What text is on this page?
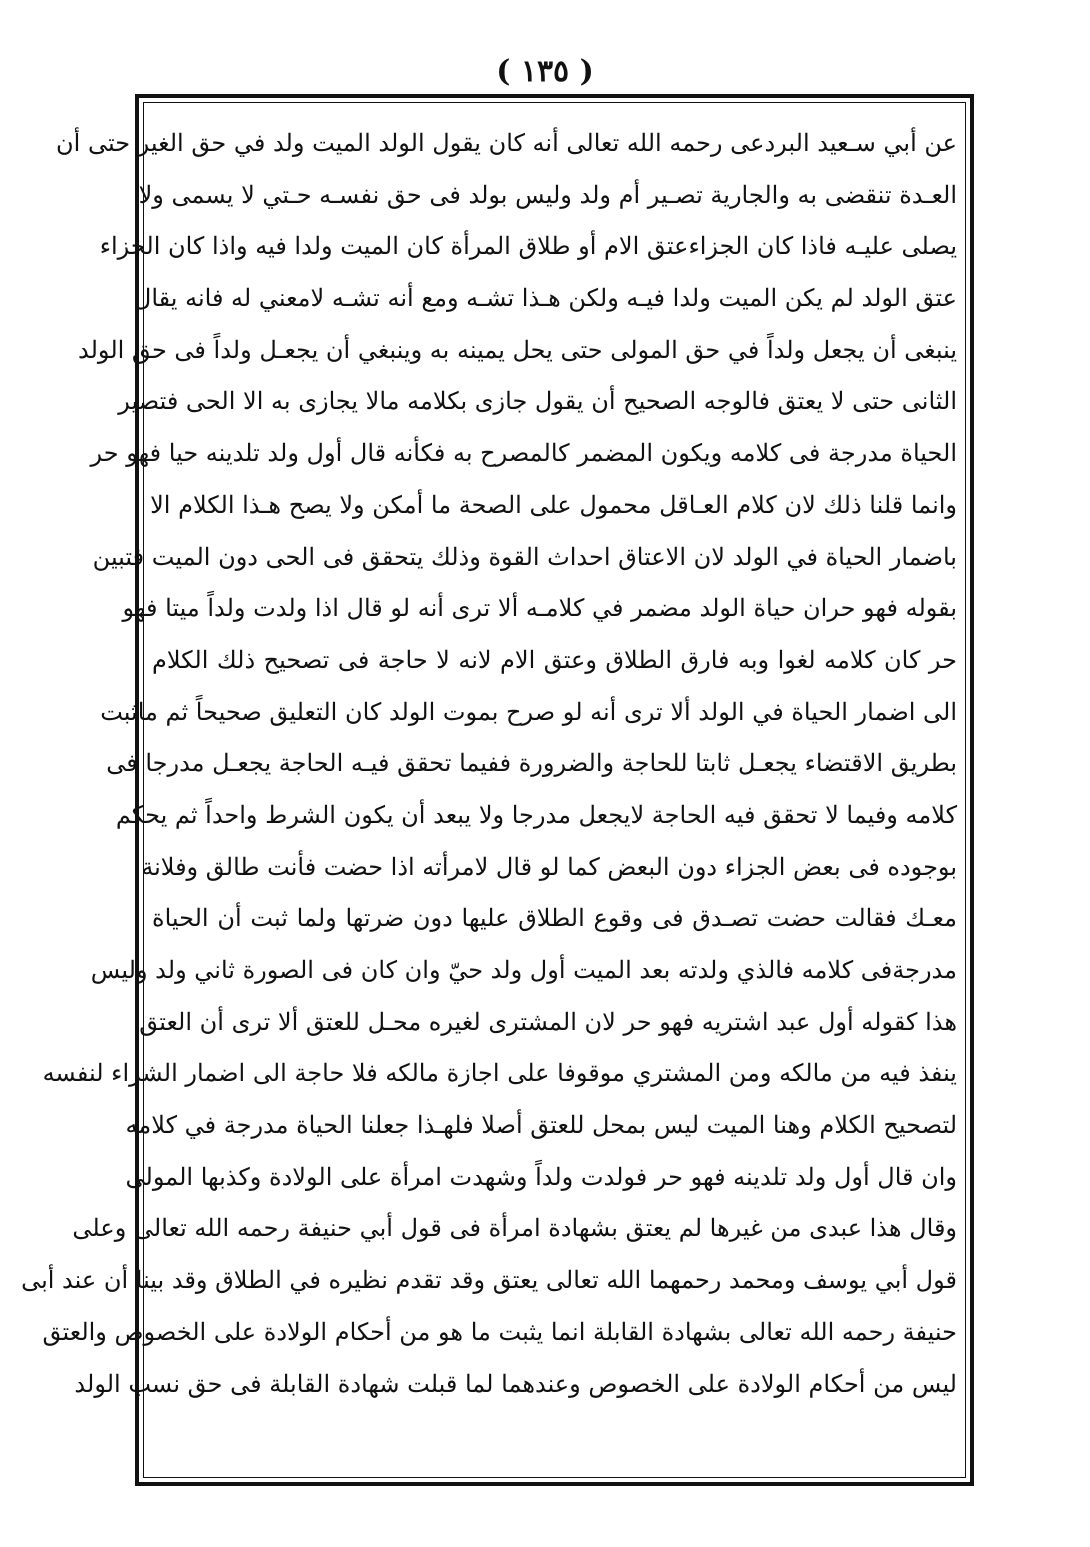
( ١٣٥ )
عن أبي سـعيد البردعى رحمه الله تعالى أنه كان يقول الولد الميت ولد في حق الغير حتى أن
العـدة تنقضى به والجارية تصـير أم ولد وليس بولد فى حق نفسـه حـتي لا يسمى ولا
يصلى عليـه فاذا كان الجزاءعتق الام أو طلاق المرأة كان الميت ولدا فيه واذا كان الجزاء
عتق الولد لم يكن الميت ولدا فيـه ولكن هـذا تشـه ومع أنه تشـه لامعني له فانه يقال
ينبغى أن يجعل ولداً في حق المولى حتى يحل يمينه به وينبغي أن يجعـل ولداً فى حق الولد
الثانى حتى لا يعتق فالوجه الصحيح أن يقول جازى بكلامه مالا يجازى به الا الحى فتصير
الحياة مدرجة فى كلامه ويكون المضمر كالمصرح به فكأنه قال أول ولد تلدينه حيا فهو حر
وانما قلنا ذلك لان كلام العـاقل محمول على الصحة ما أمكن ولا يصح هـذا الكلام الا
باضمار الحياة في الولد لان الاعتاق احداث القوة وذلك يتحقق فى الحى دون الميت فتبين
بقوله فهو حران حياة الولد مضمر في كلامـه ألا ترى أنه لو قال اذا ولدت ولداً ميتا فهو
حر كان كلامه لغوا وبه فارق الطلاق وعتق الام لانه لا حاجة فى تصحيح ذلك الكلام
الى اضمار الحياة في الولد ألا ترى أنه لو صرح بموت الولد كان التعليق صحيحاً ثم ماثبت
بطريق الاقتضاء يجعـل ثابتا للحاجة والضرورة ففيما تحقق فيـه الحاجة يجعـل مدرجا فى
كلامه وفيما لا تحقق فيه الحاجة لايجعل مدرجا ولا يبعد أن يكون الشرط واحداً ثم يحكم
بوجوده فى بعض الجزاء دون البعض كما لو قال لامرأته اذا حضت فأنت طالق وفلانة
معـك فقالت حضت تصـدق فى وقوع الطلاق عليها دون ضرتها ولما ثبت أن الحياة
مدرجةفى كلامه فالذي ولدته بعد الميت أول ولد حيّ وان كان فى الصورة ثاني ولد وليس
هذا كقوله أول عبد اشتريه فهو حر لان المشترى لغيره محـل للعتق ألا ترى أن العتق
ينفذ فيه من مالكه ومن المشتري موقوفا على اجازة مالكه فلا حاجة الى اضمار الشراء لنفسه
لتصحيح الكلام وهنا الميت ليس بمحل للعتق أصلا فلهـذا جعلنا الحياة مدرجة في كلامه
وان قال أول ولد تلدينه فهو حر فولدت ولداً وشهدت امرأة على الولادة وكذبها المولى
وقال هذا عبدى من غيرها لم يعتق بشهادة امرأة فى قول أبي حنيفة رحمه الله تعالى وعلى
قول أبي يوسف ومحمد رحمهما الله تعالى يعتق وقد تقدم نظيره في الطلاق وقد بينا أن عند أبى
حنيفة رحمه الله تعالى بشهادة القابلة انما يثبت ما هو من أحكام الولادة على الخصوص والعتق
ليس من أحكام الولادة على الخصوص وعندهما لما قبلت شهادة القابلة فى حق نسب الولد
